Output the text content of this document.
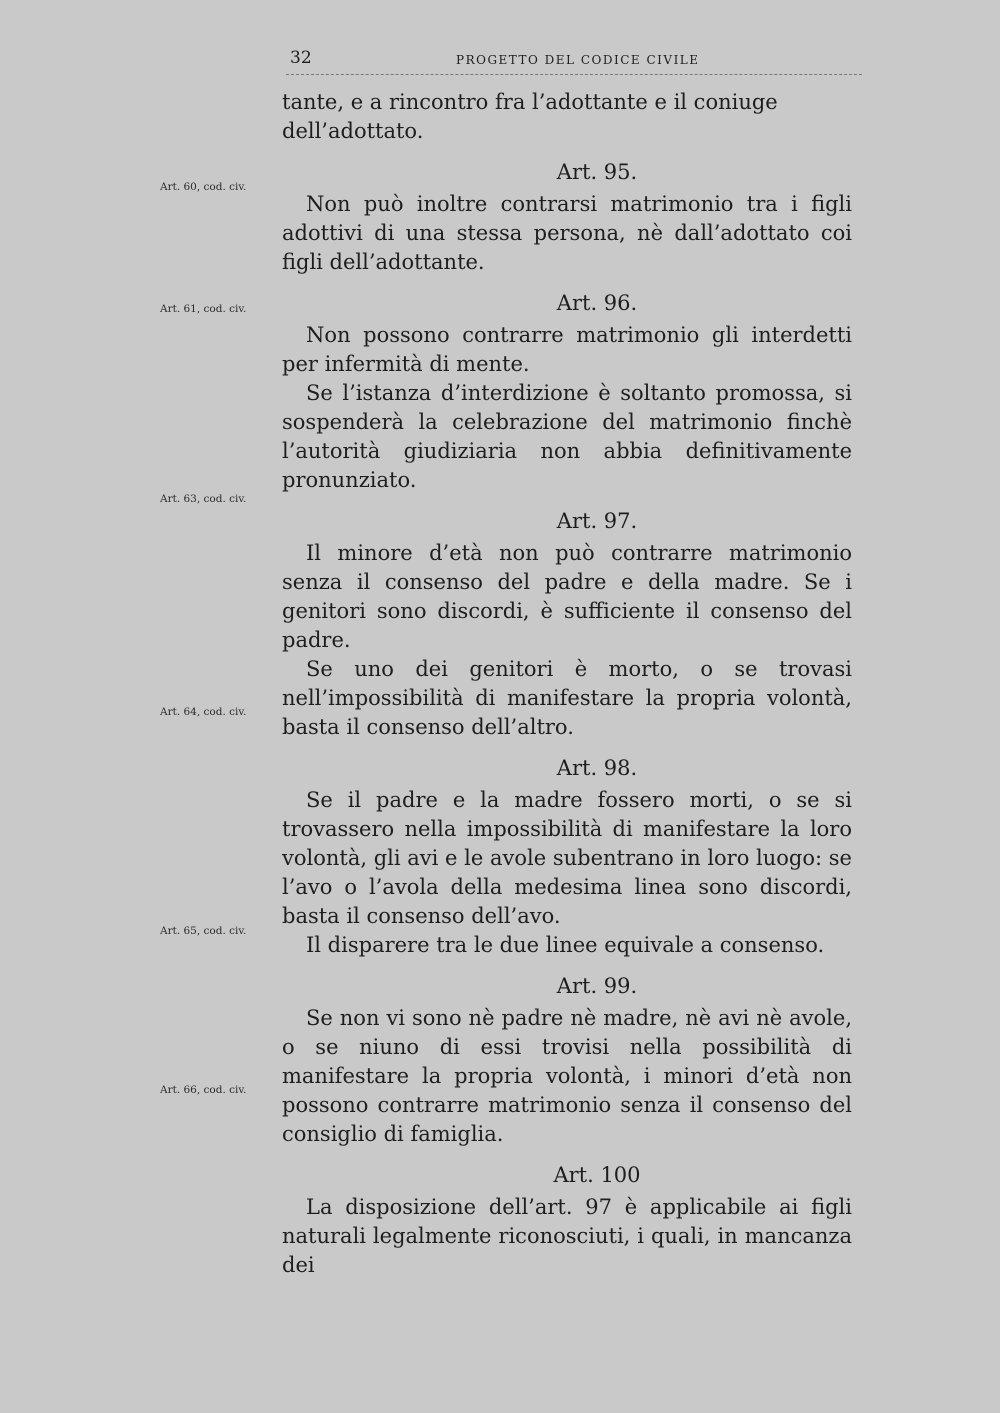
32	PROGETTO DEL CODICE CIVILE

tante, e a rincontro fra l’adottante e il coniuge dell’adottato.

Art. 95.

Non può inoltre contrarsi matrimonio tra i figli adottivi di una stessa persona, nè dall’adottato coi figli dell’adottante.

Art. 96.

Non possono contrarre matrimonio gli interdetti per infermità di mente.

Se l’istanza d’interdizione è soltanto promossa, si sospenderà la celebrazione del matrimonio finchè l’autorità giudiziaria non abbia definitivamente pronunziato.

Art. 97.

Il minore d’età non può contrarre matrimonio senza il consenso del padre e della madre. Se i genitori sono discordi, è sufficiente il consenso del padre.

Se uno dei genitori è morto, o se trovasi nell’impossibilità di manifestare la propria volontà, basta il consenso dell’altro.

Art. 98.

Se il padre e la madre fossero morti, o se si trovassero nella impossibilità di manifestare la loro volontà, gli avi e le avole subentrano in loro luogo: se l’avo o l’avola della medesima linea sono discordi, basta il consenso dell’avo.

Il disparere tra le due linee equivale a consenso.

Art. 99.

Se non vi sono nè padre nè madre, nè avi nè avole, o se niuno di essi trovisi nella possibilità di manifestare la propria volontà, i minori d’età non possono contrarre matrimonio senza il consenso del consiglio di famiglia.

Art. 100

La disposizione dell’art. 97 è applicabile ai figli naturali legalmente riconosciuti, i quali, in mancanza dei

Art. 60, cod. civ.
Art. 61, cod. civ.
Art. 63, cod. civ.
Art. 64, cod. civ.
Art. 65, cod. civ.
Art. 66, cod. civ.
